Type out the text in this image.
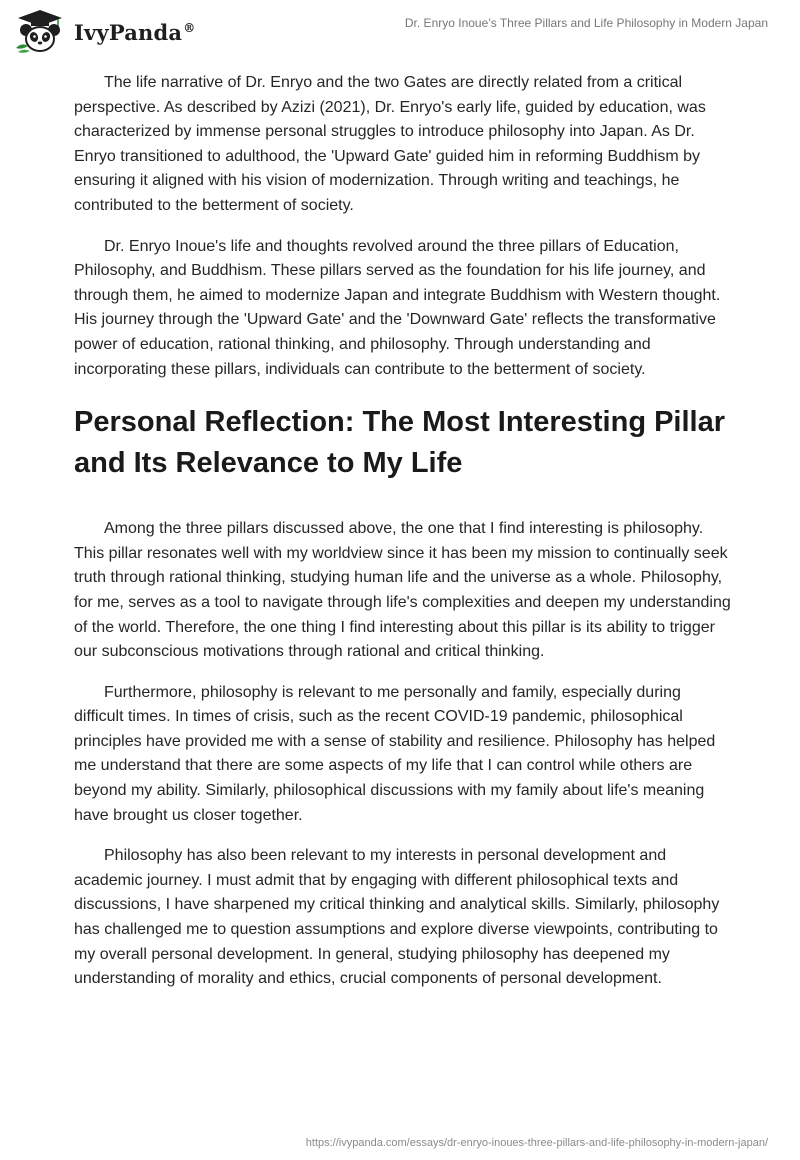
IvyPanda®	Dr. Enryo Inoue’s Three Pillars and Life Philosophy in Modern Japan

The life narrative of Dr. Enryo and the two Gates are directly related from a critical perspective. As described by Azizi (2021), Dr. Enryo's early life, guided by education, was characterized by immense personal struggles to introduce philosophy into Japan. As Dr. Enryo transitioned to adulthood, the 'Upward Gate' guided him in reforming Buddhism by ensuring it aligned with his vision of modernization. Through writing and teachings, he contributed to the betterment of society.

Dr. Enryo Inoue's life and thoughts revolved around the three pillars of Education, Philosophy, and Buddhism. These pillars served as the foundation for his life journey, and through them, he aimed to modernize Japan and integrate Buddhism with Western thought. His journey through the 'Upward Gate' and the 'Downward Gate' reflects the transformative power of education, rational thinking, and philosophy. Through understanding and incorporating these pillars, individuals can contribute to the betterment of society.

Personal Reflection: The Most Interesting Pillar and Its Relevance to My Life

Among the three pillars discussed above, the one that I find interesting is philosophy. This pillar resonates well with my worldview since it has been my mission to continually seek truth through rational thinking, studying human life and the universe as a whole. Philosophy, for me, serves as a tool to navigate through life's complexities and deepen my understanding of the world. Therefore, the one thing I find interesting about this pillar is its ability to trigger our subconscious motivations through rational and critical thinking.

Furthermore, philosophy is relevant to me personally and family, especially during difficult times. In times of crisis, such as the recent COVID-19 pandemic, philosophical principles have provided me with a sense of stability and resilience. Philosophy has helped me understand that there are some aspects of my life that I can control while others are beyond my ability. Similarly, philosophical discussions with my family about life's meaning have brought us closer together.

Philosophy has also been relevant to my interests in personal development and academic journey. I must admit that by engaging with different philosophical texts and discussions, I have sharpened my critical thinking and analytical skills. Similarly, philosophy has challenged me to question assumptions and explore diverse viewpoints, contributing to my overall personal development. In general, studying philosophy has deepened my understanding of morality and ethics, crucial components of personal development.

https://ivypanda.com/essays/dr-enryo-inoues-three-pillars-and-life-philosophy-in-modern-japan/
